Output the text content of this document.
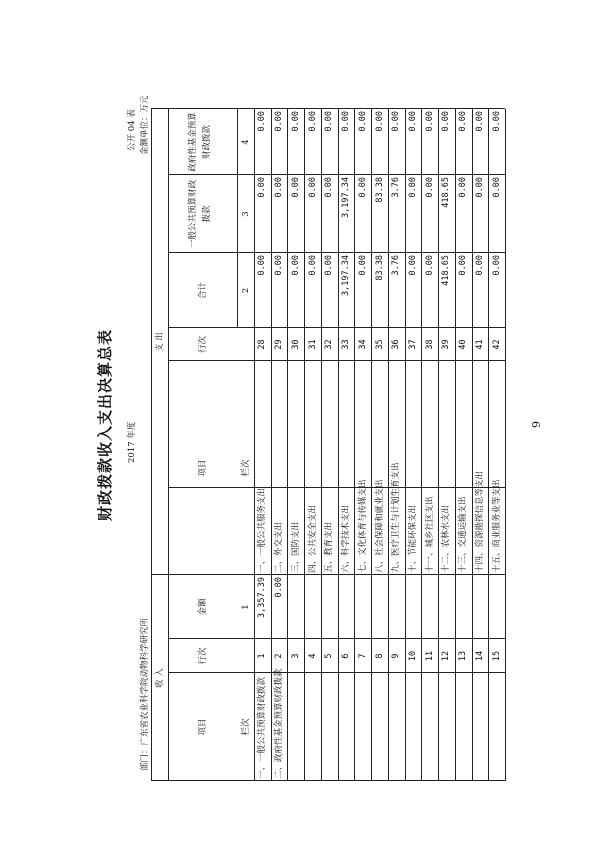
财政拨款收入支出决算总表 2017 年度
公开 04 表 金额单位：万元
部门：广东省农业科学院动物科学研究所
9
收 入
支 出
项目
行次
金额
项目
行次
合计
一般公共预算财政拨款
政府性基金预算财政拨款
栏次
1
栏次
2
3
4
一、一般公共预算财政拨款
1
3,357.39
一、一般公共服务支出
28
0.00
0.00
0.00
二、政府性基金预算财政拨款
2
0.00
二、外交支出
29
0.00
0.00
0.00
3
三、国防支出
30
0.00
0.00
0.00
4
四、公共安全支出
31
0.00
0.00
0.00
5
五、教育支出
32
0.00
0.00
0.00
6
六、科学技术支出
33
3,197.34
3,197.34
0.00
7
七、文化体育与传媒支出
34
0.00
0.00
0.00
8
八、社会保障和就业支出
35
83.38
83.38
0.00
9
九、医疗卫生与计划生育支出
36
3.76
3.76
0.00
10
十、节能环保支出
37
0.00
0.00
0.00
11
十一、城乡社区支出
38
0.00
0.00
0.00
12
十二、农林水支出
39
418.65
418.65
0.00
13
十三、交通运输支出
40
0.00
0.00
0.00
14
十四、资源勘探信息等支出
41
0.00
0.00
0.00
15
十五、商业服务业等支出
42
0.00
0.00
0.00
